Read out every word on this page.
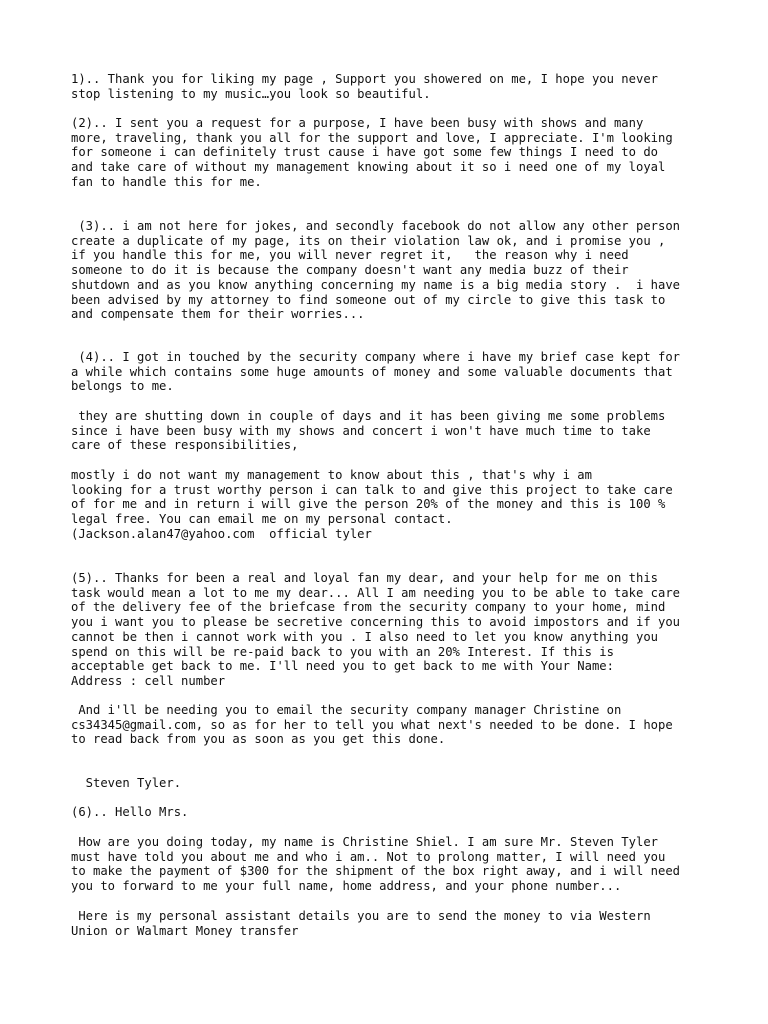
1).. Thank you for liking my page , Support you showered on me, I hope you never
stop listening to my music…you look so beautiful.

(2).. I sent you a request for a purpose, I have been busy with shows and many
more, traveling, thank you all for the support and love, I appreciate. I'm looking
for someone i can definitely trust cause i have got some few things I need to do
and take care of without my management knowing about it so i need one of my loyal
fan to handle this for me.

(3).. i am not here for jokes, and secondly facebook do not allow any other person
create a duplicate of my page, its on their violation law ok, and i promise you ,
if you handle this for me, you will never regret it,   the reason why i need
someone to do it is because the company doesn't want any media buzz of their
shutdown and as you know anything concerning my name is a big media story .  i have
been advised by my attorney to find someone out of my circle to give this task to
and compensate them for their worries...

(4).. I got in touched by the security company where i have my brief case kept for
a while which contains some huge amounts of money and some valuable documents that
belongs to me.

they are shutting down in couple of days and it has been giving me some problems
since i have been busy with my shows and concert i won't have much time to take
care of these responsibilities,

mostly i do not want my management to know about this , that's why i am
looking for a trust worthy person i can talk to and give this project to take care
of for me and in return i will give the person 20% of the money and this is 100 %
legal free. You can email me on my personal contact.
(Jackson.alan47@yahoo.com  official tyler

(5).. Thanks for been a real and loyal fan my dear, and your help for me on this
task would mean a lot to me my dear... All I am needing you to be able to take care
of the delivery fee of the briefcase from the security company to your home, mind
you i want you to please be secretive concerning this to avoid impostors and if you
cannot be then i cannot work with you . I also need to let you know anything you
spend on this will be re-paid back to you with an 20% Interest. If this is
acceptable get back to me. I'll need you to get back to me with Your Name:
Address : cell number

And i'll be needing you to email the security company manager Christine on
cs34345@gmail.com, so as for her to tell you what next's needed to be done. I hope
to read back from you as soon as you get this done.

Steven Tyler.

(6).. Hello Mrs.

How are you doing today, my name is Christine Shiel. I am sure Mr. Steven Tyler
must have told you about me and who i am.. Not to prolong matter, I will need you
to make the payment of $300 for the shipment of the box right away, and i will need
you to forward to me your full name, home address, and your phone number...

Here is my personal assistant details you are to send the money to via Western
Union or Walmart Money transfer
